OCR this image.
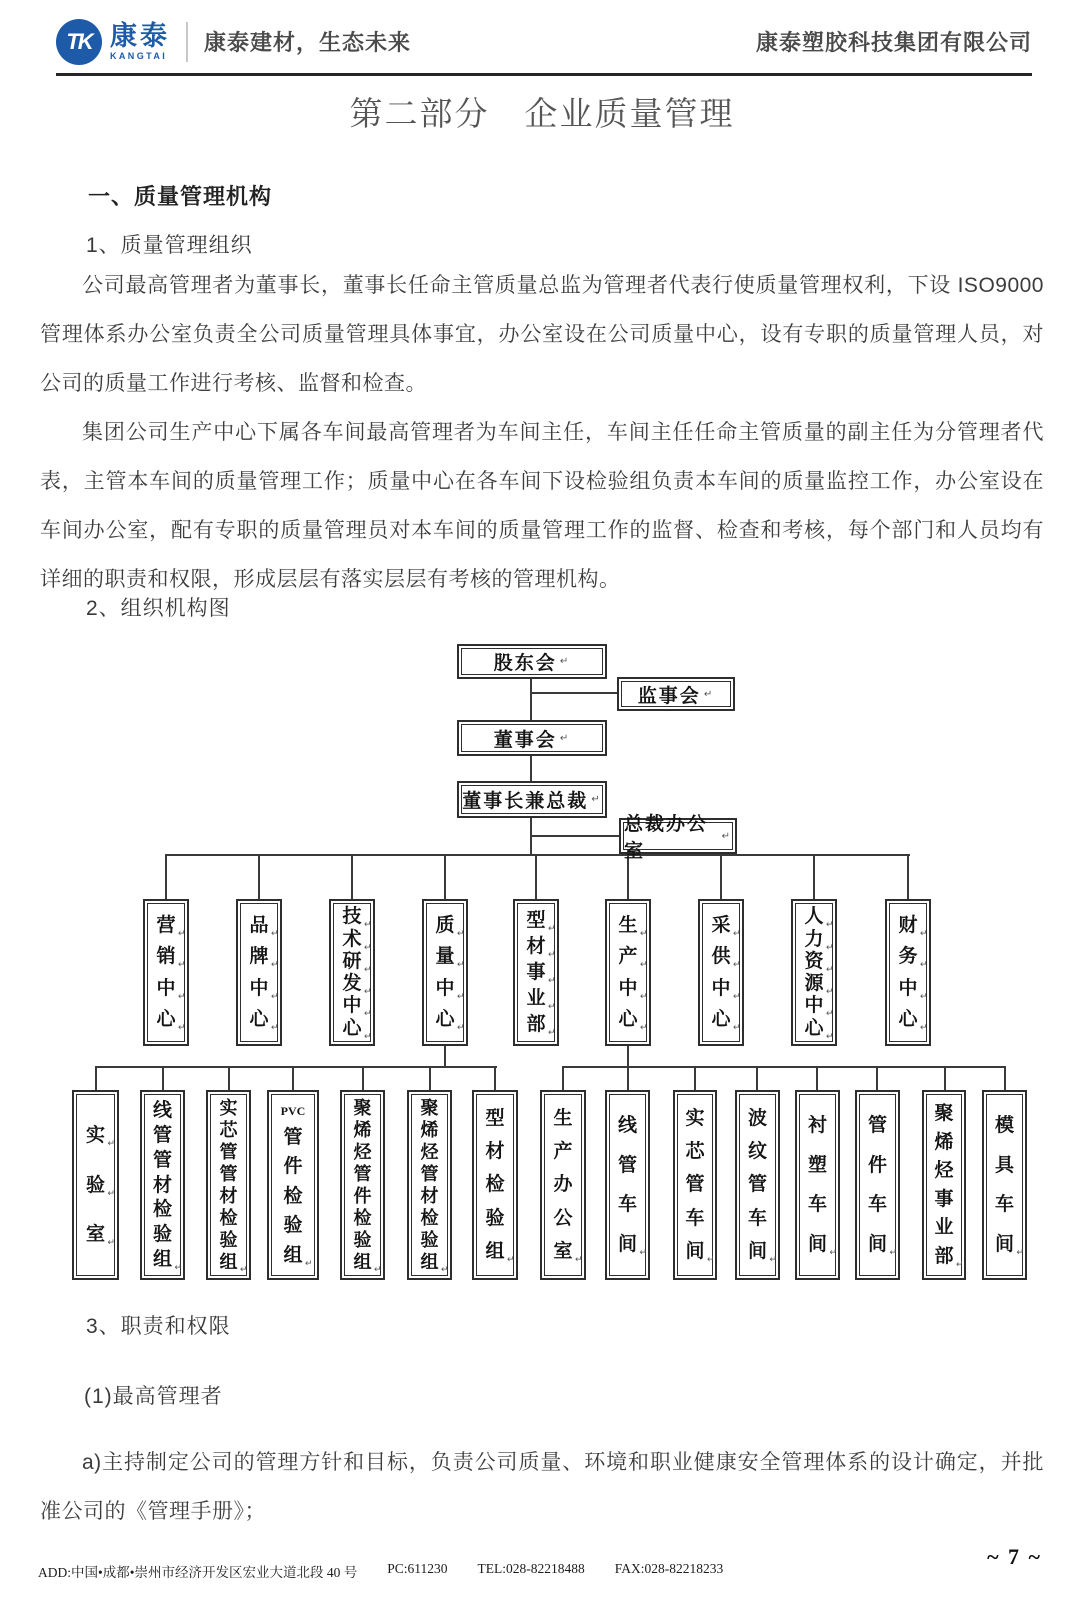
TK 康泰
KANGTAI
康泰建材，生态未来	康泰塑胶科技集团有限公司
第二部分　企业质量管理
一、质量管理机构
1、质量管理组织
公司最高管理者为董事长，董事长任命主管质量总监为管理者代表行使质量管理权利，下设 ISO9000 管理体系办公室负责全公司质量管理具体事宜，办公室设在公司质量中心，设有专职的质量管理人员，对公司的质量工作进行考核、监督和检查。
集团公司生产中心下属各车间最高管理者为车间主任，车间主任任命主管质量的副主任为分管理者代表，主管本车间的质量管理工作；质量中心在各车间下设检验组负责本车间的质量监控工作，办公室设在车间办公室，配有专职的质量管理员对本车间的质量管理工作的监督、检查和考核，每个部门和人员均有详细的职责和权限，形成层层有落实层层有考核的管理机构。
2、组织机构图
股东会 ↵
监事会 ↵
董事会 ↵
董事长兼总裁 ↵
总裁办公室
↵
营 ↵
销 ↵
中 ↵
心 ↵
品 ↵
牌 ↵
中 ↵
心 ↵
技 ↵
术 ↵
研 ↵
发 ↵
中 ↵
心 ↵
质 ↵
量 ↵
中 ↵
心 ↵
型 ↵
材 ↵
事 ↵
业 ↵
部 ↵
生 ↵
产 ↵
中 ↵
心 ↵
采 ↵
供 ↵
中 ↵
心 ↵
人 ↵
力 ↵
资 ↵
源 ↵
中 ↵
心 ↵
财 ↵
务 ↵
中 ↵
心 ↵
实 ↵
验 ↵
室 ↵
线
管
管
材
检
验
组 ↵
实
芯
管
管
材
检
验
组 ↵
PVC
管
件
检
验
组 ↵
聚
烯
烃
管
件
检
验
组 ↵
聚
烯
烃
管
材
检
验
组 ↵
型
材
检
验
组 ↵
生
产
办
公
室 ↵
线
管
车
间 ↵
实
芯
管
车
间 ↵
波
纹
管
车
间 ↵
衬
塑
车
间 ↵
管
件
车
间 ↵
聚
烯
烃
事
业
部 ↵
模
具
车
间 ↵
3、职责和权限
(1)最高管理者
a)主持制定公司的管理方针和目标，负责公司质量、环境和职业健康安全管理体系的设计确定，并批准公司的《管理手册》；
ADD:中国•成都•崇州市经济开发区宏业大道北段 40 号 PC:611230 TEL:028-82218488 FAX:028-82218233	~ 7 ~
